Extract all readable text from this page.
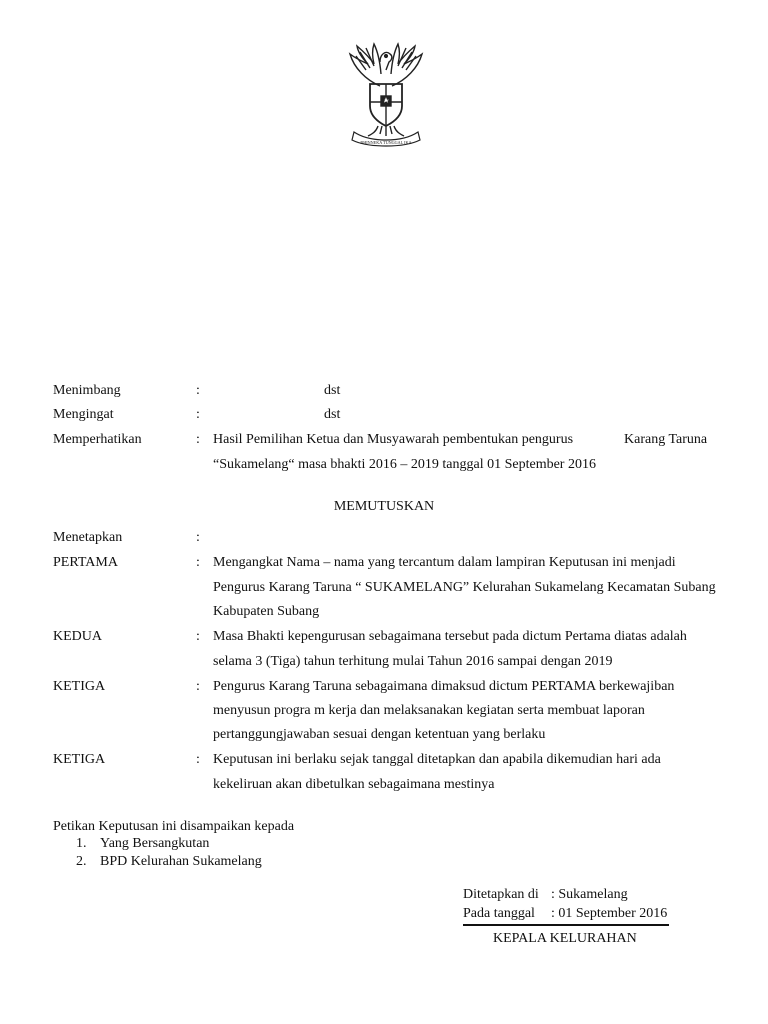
BHINNEKA TUNGGAL IKA
Menimbang	:	dst
Mengingat	:	dst
Memperhatikan	: Hasil Pemilihan Ketua dan Musyawarah pembentukan pengurus	Karang Taruna
“Sukamelang“ masa bhakti 2016 – 2019 tanggal 01 September 2016
MEMUTUSKAN
Menetapkan	:
PERTAMA	: Mengangkat Nama – nama yang tercantum dalam lampiran Keputusan ini menjadi
Pengurus Karang Taruna “ SUKAMELANG” Kelurahan Sukamelang Kecamatan Subang
Kabupaten Subang
KEDUA	: Masa Bhakti kepengurusan sebagaimana tersebut pada dictum Pertama diatas adalah
selama 3 (Tiga) tahun terhitung mulai Tahun 2016 sampai dengan 2019
KETIGA	: Pengurus Karang Taruna sebagaimana dimaksud dictum PERTAMA berkewajiban
menyusun progra m kerja dan melaksanakan kegiatan serta membuat laporan
pertanggungjawaban sesuai dengan ketentuan yang berlaku
KETIGA	: Keputusan ini berlaku sejak tanggal ditetapkan dan apabila dikemudian hari ada
kekeliruan akan dibetulkan sebagaimana mestinya
Petikan Keputusan ini disampaikan kepada
1. Yang Bersangkutan
2. BPD Kelurahan Sukamelang
Ditetapkan di : Sukamelang
Pada tanggal : 01 September 2016
KEPALA KELURAHAN
